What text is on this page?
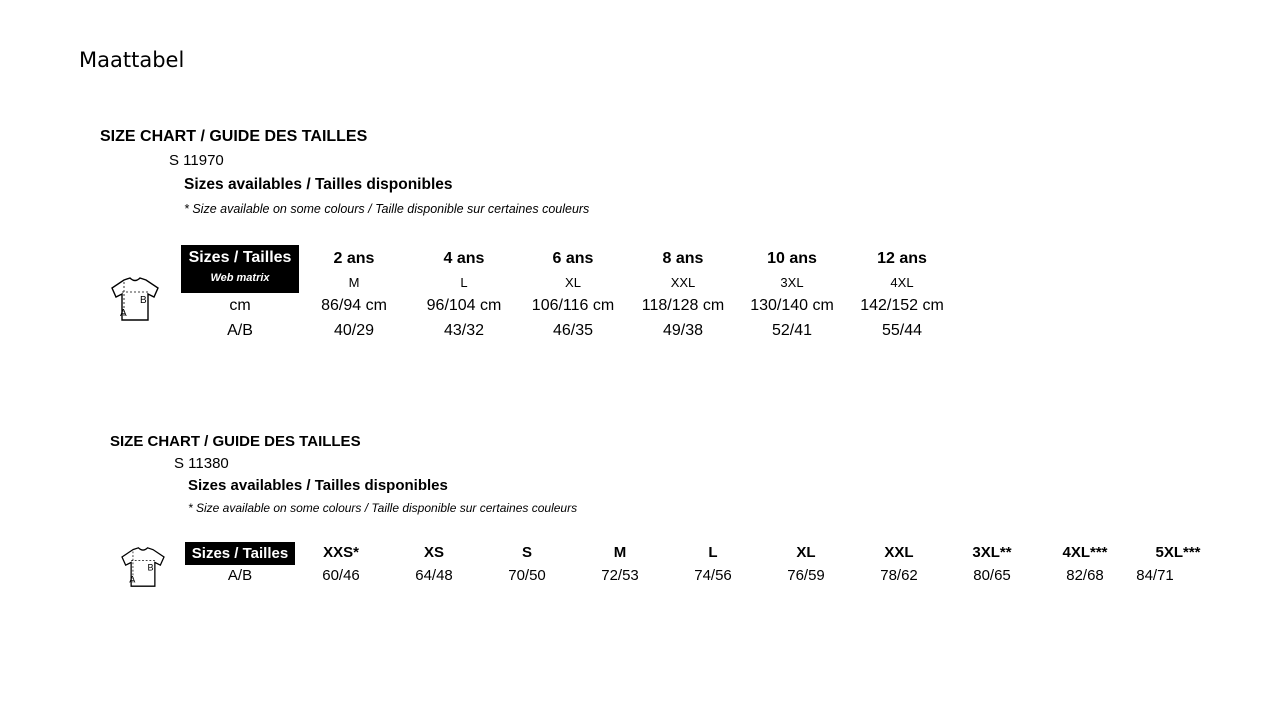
Maattabel
SIZE CHART / GUIDE DES TAILLES
S 11970
Sizes availables / Tailles disponibles
* Size available on some colours / Taille disponible sur certaines couleurs
B
A
Sizes / Tailles
Web matrix
cm
A/B
2 ans	4 ans	6 ans	8 ans	10 ans	12 ans
M	L	XL	XXL	3XL	4XL
86/94 cm 96/104 cm 106/116 cm 118/128 cm 130/140 cm 142/152 cm
40/29	43/32	46/35	49/38	52/41	55/44
SIZE CHART / GUIDE DES TAILLES
S 11380
Sizes availables / Tailles disponibles
* Size available on some colours / Taille disponible sur certaines couleurs
B
A
Sizes / Tailles
A/B
XXS*	XS	S	M	L	XL	XXL	3XL**	4XL***	5XL***
60/46	64/48	70/50	72/53	74/56	76/59	78/62	80/65	82/68 84/71
